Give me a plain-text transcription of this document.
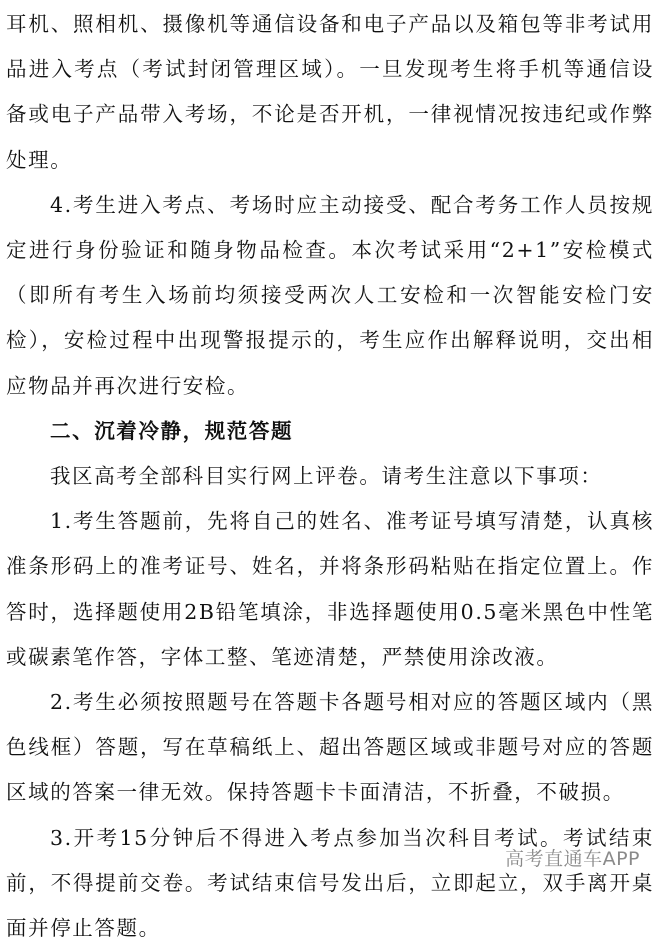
耳机、照相机、摄像机等通信设备和电子产品以及箱包等非考试用品进入考点（考试封闭管理区域）。一旦发现考生将手机等通信设备或电子产品带入考场，不论是否开机，一律视情况按违纪或作弊处理。

4.考生进入考点、考场时应主动接受、配合考务工作人员按规定进行身份验证和随身物品检查。本次考试采用“2+1”安检模式（即所有考生入场前均须接受两次人工安检和一次智能安检门安检），安检过程中出现警报提示的，考生应作出解释说明，交出相应物品并再次进行安检。

二、沉着冷静，规范答题

我区高考全部科目实行网上评卷。请考生注意以下事项：

1.考生答题前，先将自己的姓名、准考证号填写清楚，认真核准条形码上的准考证号、姓名，并将条形码粘贴在指定位置上。作答时，选择题使用2B铅笔填涂，非选择题使用0.5毫米黑色中性笔或碳素笔作答，字体工整、笔迹清楚，严禁使用涂改液。

2.考生必须按照题号在答题卡各题号相对应的答题区域内（黑色线框）答题，写在草稿纸上、超出答题区域或非题号对应的答题区域的答案一律无效。保持答题卡卡面清洁，不折叠，不破损。

3.开考15分钟后不得进入考点参加当次科目考试。考试结束前，不得提前交卷。考试结束信号发出后，立即起立，双手离开桌面并停止答题。

高考直通车APP
